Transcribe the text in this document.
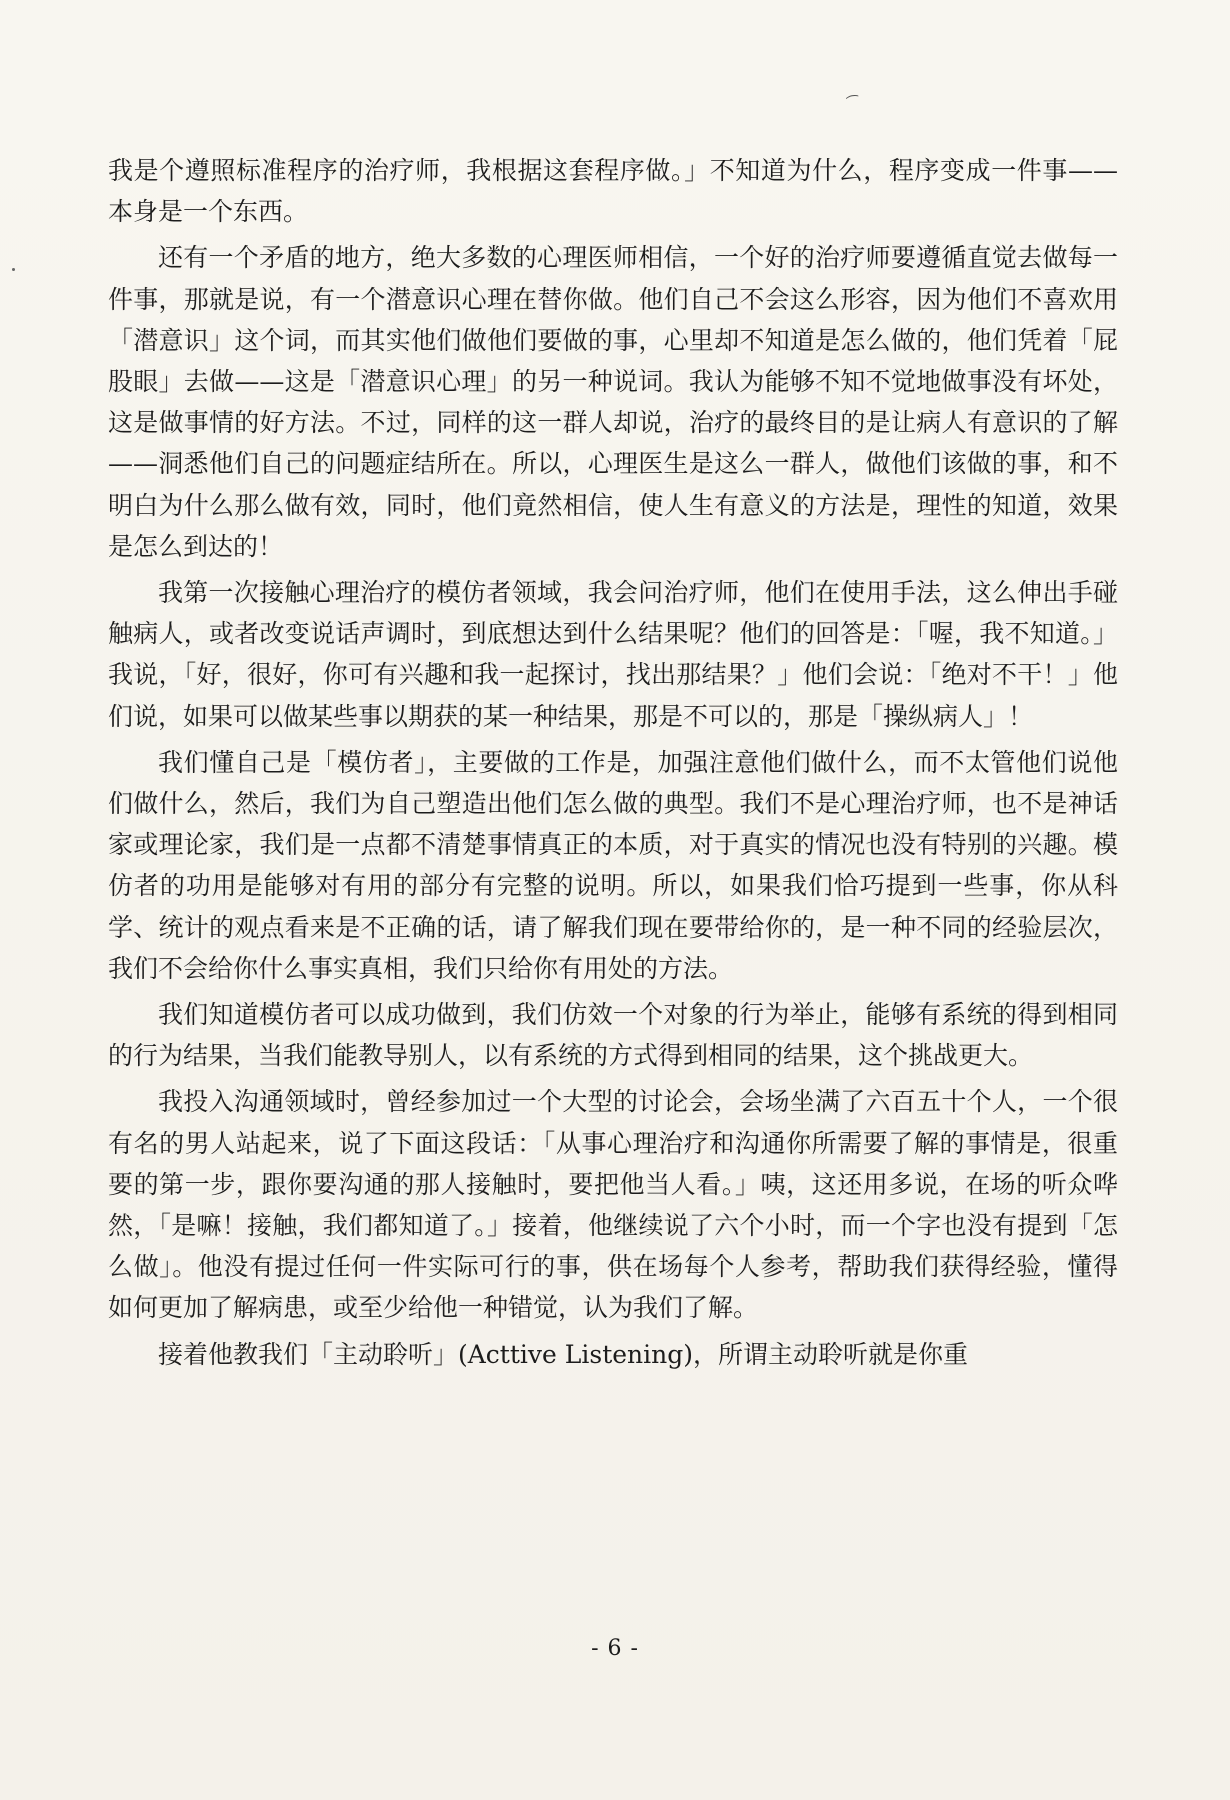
⁀

我是个遵照标准程序的治疗师，我根据这套程序做。」不知道为什么，程序变成一件事——本身是一个东西。

还有一个矛盾的地方，绝大多数的心理医师相信，一个好的治疗师要遵循直觉去做每一件事，那就是说，有一个潜意识心理在替你做。他们自己不会这么形容，因为他们不喜欢用「潜意识」这个词，而其实他们做他们要做的事，心里却不知道是怎么做的，他们凭着「屁股眼」去做——这是「潜意识心理」的另一种说词。我认为能够不知不觉地做事没有坏处，这是做事情的好方法。不过，同样的这一群人却说，治疗的最终目的是让病人有意识的了解——洞悉他们自己的问题症结所在。所以，心理医生是这么一群人，做他们该做的事，和不明白为什么那么做有效，同时，他们竟然相信，使人生有意义的方法是，理性的知道，效果是怎么到达的！

我第一次接触心理治疗的模仿者领域，我会问治疗师，他们在使用手法，这么伸出手碰触病人，或者改变说话声调时，到底想达到什么结果呢？他们的回答是：「喔，我不知道。」我说，「好，很好，你可有兴趣和我一起探讨，找出那结果？」他们会说：「绝对不干！」他们说，如果可以做某些事以期获的某一种结果，那是不可以的，那是「操纵病人」！

我们懂自己是「模仿者」，主要做的工作是，加强注意他们做什么，而不太管他们说他们做什么，然后，我们为自己塑造出他们怎么做的典型。我们不是心理治疗师，也不是神话家或理论家，我们是一点都不清楚事情真正的本质，对于真实的情况也没有特别的兴趣。模仿者的功用是能够对有用的部分有完整的说明。所以，如果我们恰巧提到一些事，你从科学、统计的观点看来是不正确的话，请了解我们现在要带给你的，是一种不同的经验层次，我们不会给你什么事实真相，我们只给你有用处的方法。

我们知道模仿者可以成功做到，我们仿效一个对象的行为举止，能够有系统的得到相同的行为结果，当我们能教导别人，以有系统的方式得到相同的结果，这个挑战更大。

我投入沟通领域时，曾经参加过一个大型的讨论会，会场坐满了六百五十个人，一个很有名的男人站起来，说了下面这段话：「从事心理治疗和沟通你所需要了解的事情是，很重要的第一步，跟你要沟通的那人接触时，要把他当人看。」咦，这还用多说，在场的听众哗然，「是嘛！接触，我们都知道了。」接着，他继续说了六个小时，而一个字也没有提到「怎么做」。他没有提过任何一件实际可行的事，供在场每个人参考，帮助我们获得经验，懂得如何更加了解病患，或至少给他一种错觉，认为我们了解。

接着他教我们「主动聆听」(Acttive Listening)，所谓主动聆听就是你重

- 6 -
